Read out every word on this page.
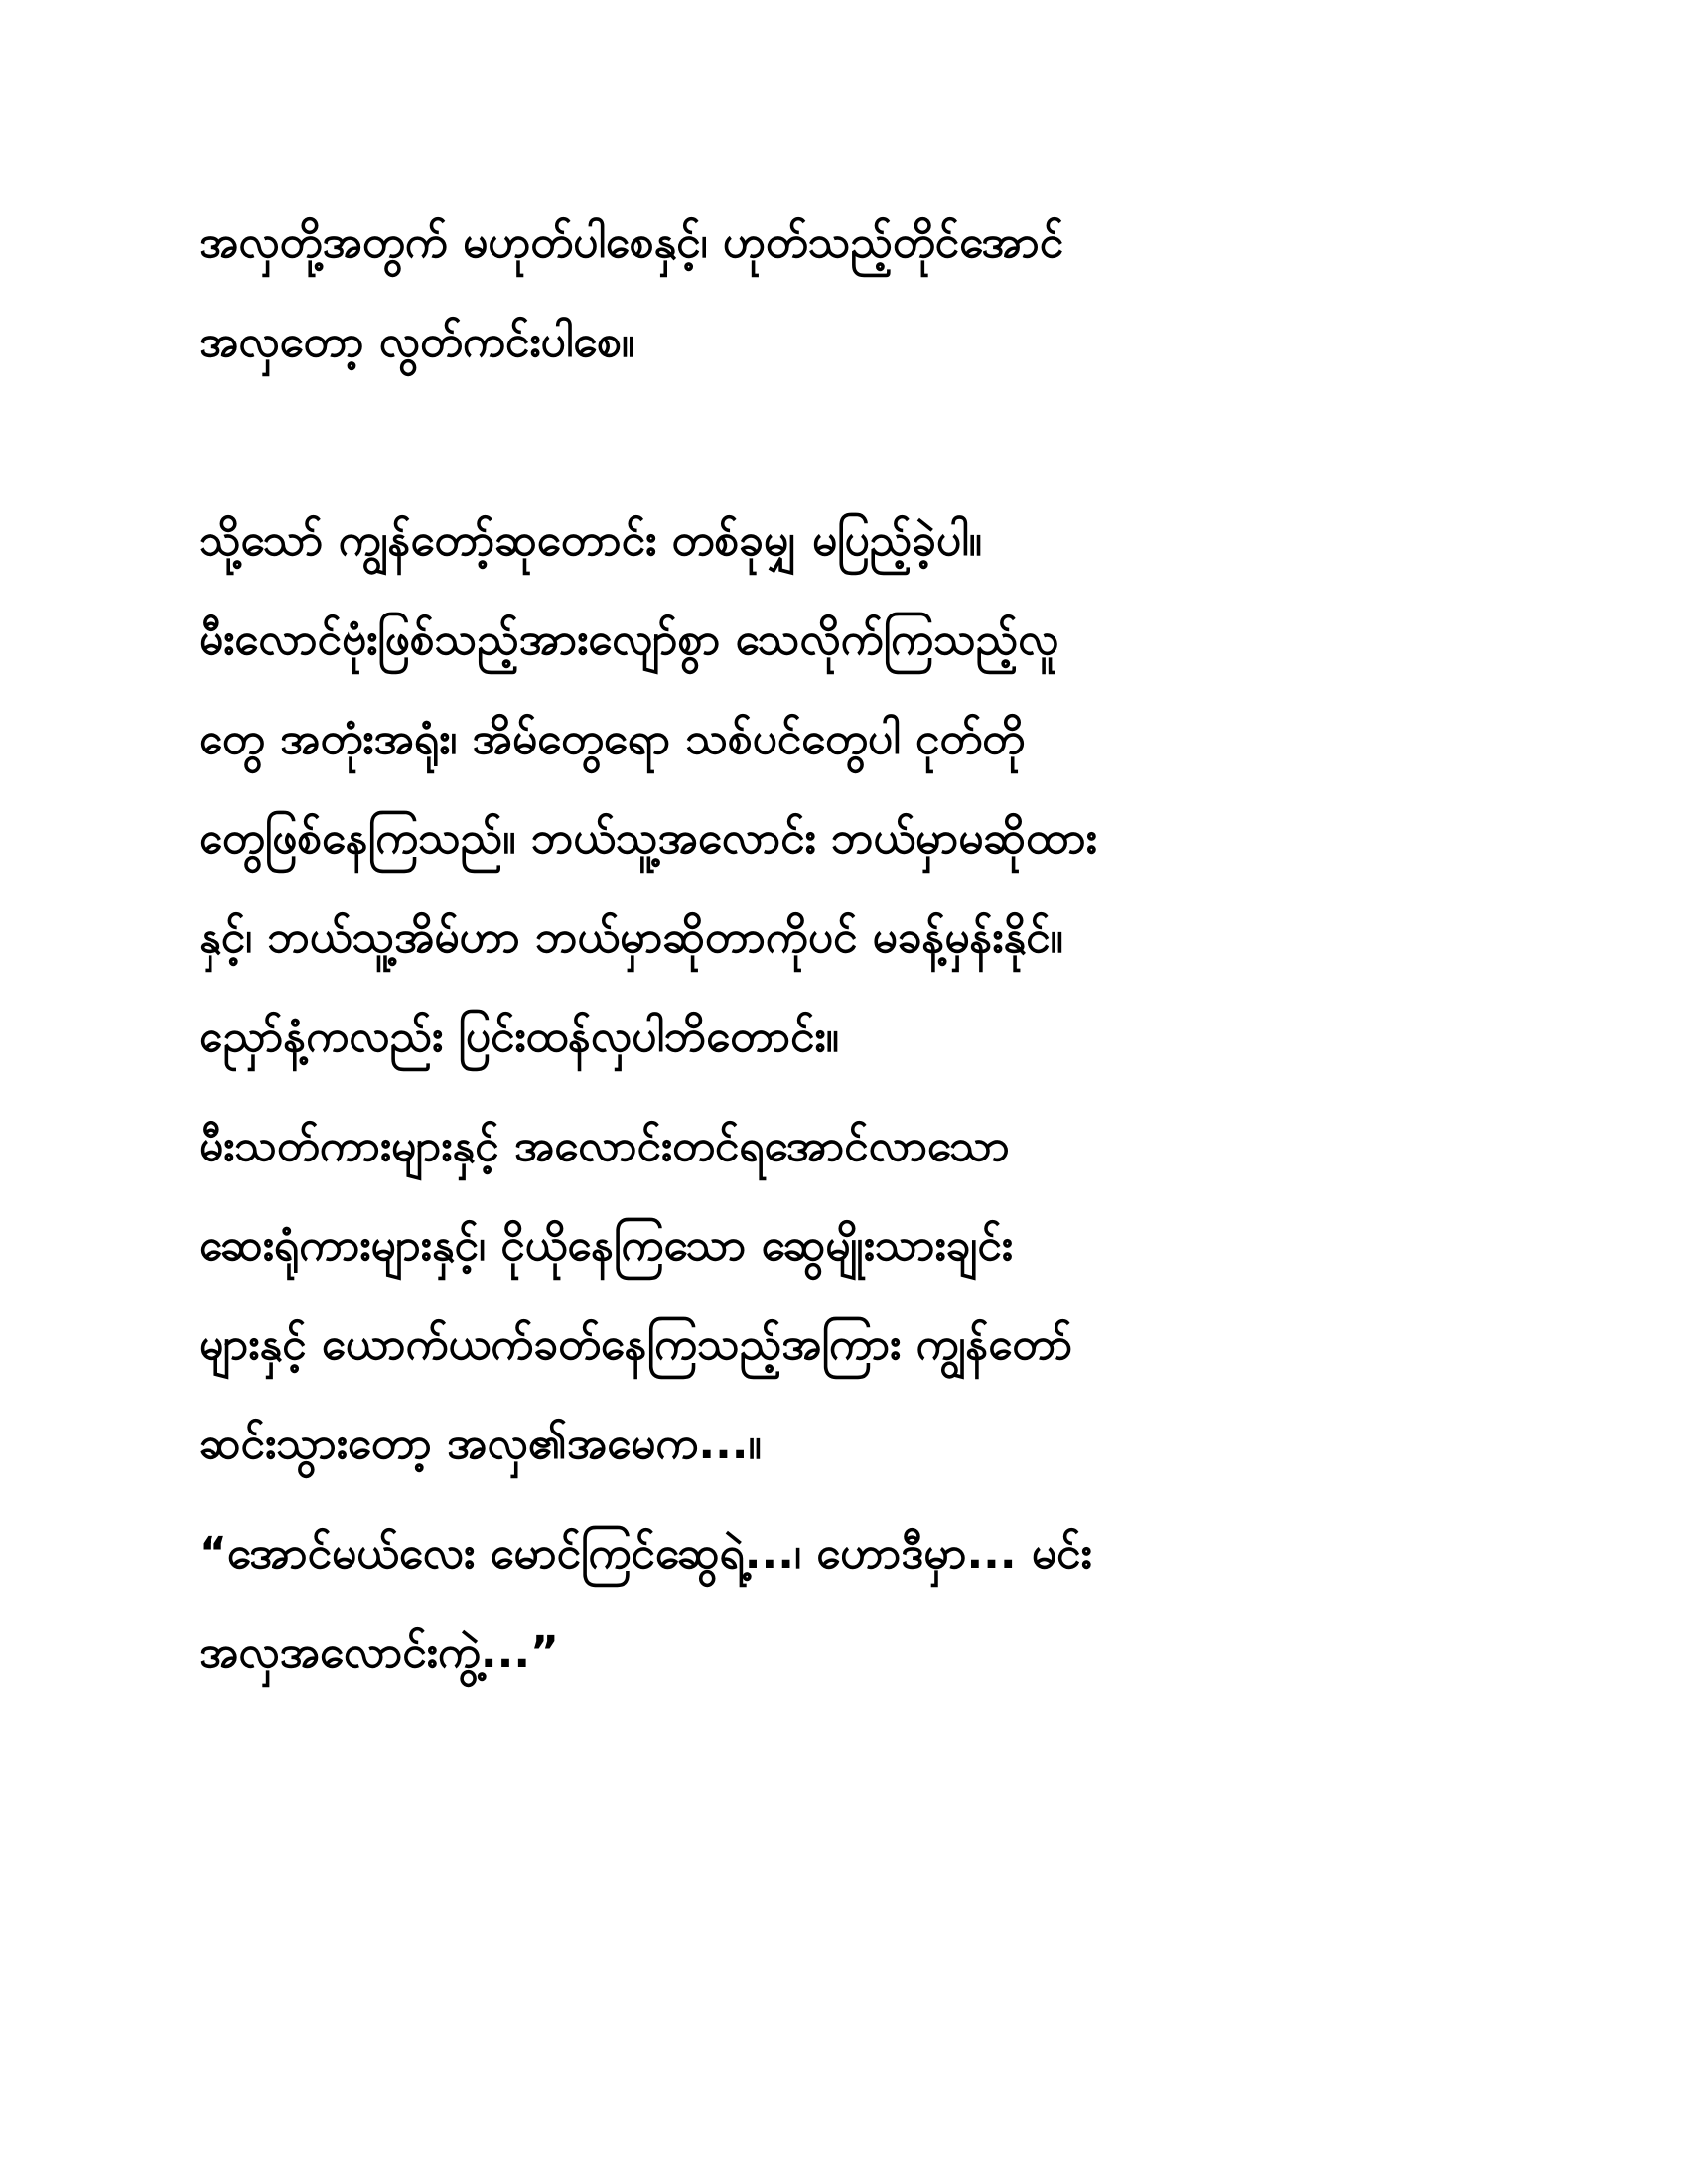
အလှတို့အတွက် မဟုတ်ပါစေနှင့်၊ ဟုတ်သည့်တိုင်အောင်
အလှတော့ လွတ်ကင်းပါစေ။
သို့သော် ကျွန်တော့်ဆုတောင်း တစ်ခုမျှ မပြည့်ခဲ့ပါ။
မီးလောင်ဗုံးဖြစ်သည့်အားလျော်စွာ သေလိုက်ကြသည့်လူ
တွေ အတုံးအရုံး၊ အိမ်တွေရော သစ်ပင်တွေပါ ငုတ်တို
တွေဖြစ်နေကြသည်။ ဘယ်သူ့အလောင်း ဘယ်မှာမဆိုထား
နှင့်၊ ဘယ်သူ့အိမ်ဟာ ဘယ်မှာဆိုတာကိုပင် မခန့်မှန်းနိုင်။
ညှော်နံ့ကလည်း ပြင်းထန်လှပါဘိတောင်း။
မီးသတ်ကားများနှင့် အလောင်းတင်ရအောင်လာသော
ဆေးရုံကားများနှင့်၊ ငိုယိုနေကြသော ဆွေမျိုးသားချင်း
များနှင့် ယောက်ယက်ခတ်နေကြသည့်အကြား ကျွန်တော်
ဆင်းသွားတော့ အလှ၏အမေက...။
“အောင်မယ်လေး မောင်ကြင်ဆွေရဲ့...၊ ဟောဒီမှာ... မင်း
အလှအလောင်းကွဲ့...”
